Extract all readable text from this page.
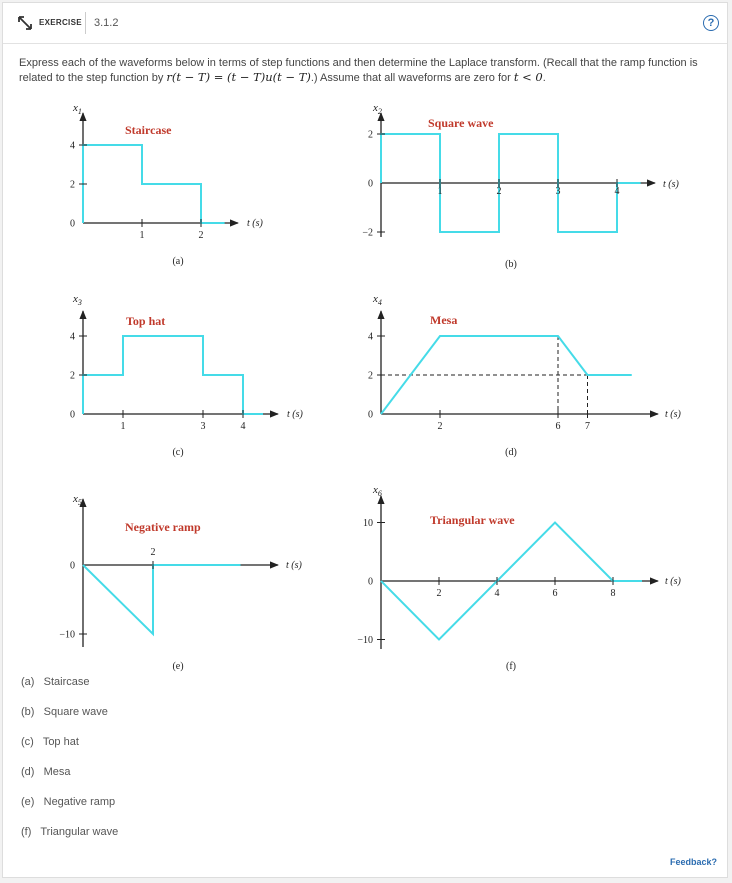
EXERCISE 3.1.2	?
Express each of the waveforms below in terms of step functions and then determine the Laplace transform. (Recall that the ramp function is related to the step function by r(t − T) = (t − T)u(t − T).) Assume that all waveforms are zero for t < 0.
4
2
0
1	2
$x_1$
Staircase
t (s)
(a)
2
0
−2
1	2	3	4
$x_2$
Square wave
t (s)
(b)
4
2
0
1	3	4
$x_3$
Top hat
t (s)
(c)
4
2
0
2	6 7
$x_4$
Mesa
t (s)
(d)
0
−10
2
$x_5$
Negative ramp
t (s)
(e)
10
0
−10
2	4	6	8
$x_6$
Triangular wave
t (s)
(f)
(a) Staircase
(b) Square wave
(c) Top hat
(d) Mesa
(e) Negative ramp
(f) Triangular wave
Feedback?
